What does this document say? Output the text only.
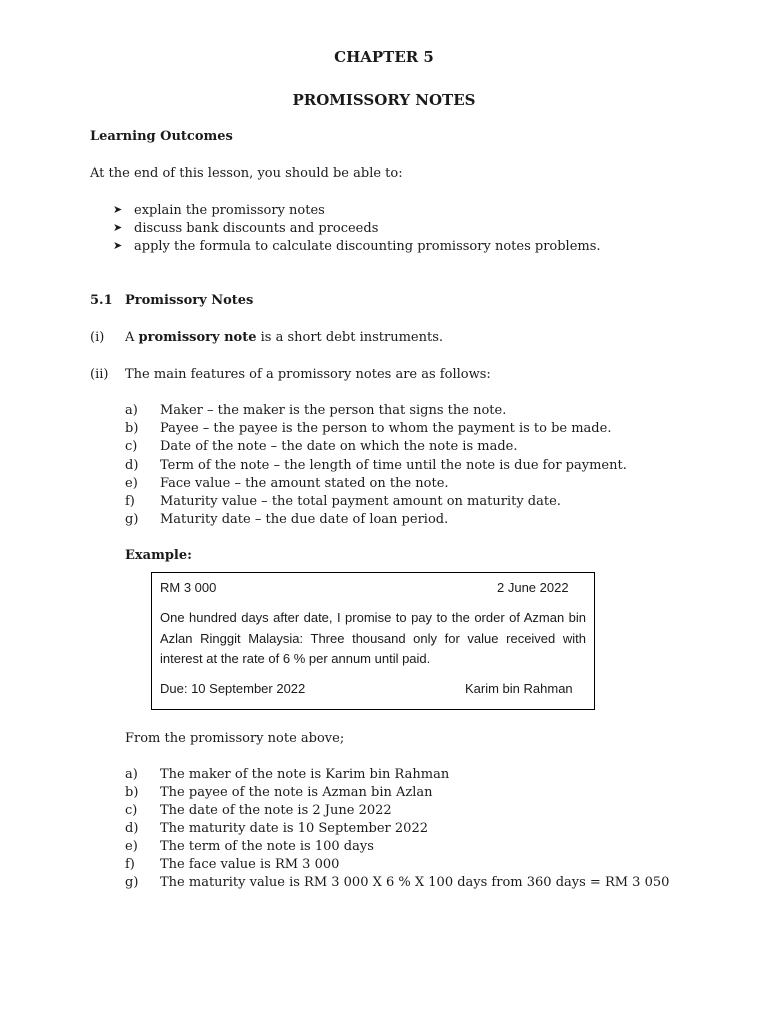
CHAPTER 5
PROMISSORY NOTES
Learning Outcomes
At the end of this lesson, you should be able to:
➤ explain the promissory notes
➤ discuss bank discounts and proceeds
➤ apply the formula to calculate discounting promissory notes problems.
5.1 Promissory Notes
(i) A promissory note is a short debt instruments.
(ii) The main features of a promissory notes are as follows:
a) Maker – the maker is the person that signs the note.
b) Payee – the payee is the person to whom the payment is to be made.
c) Date of the note – the date on which the note is made.
d) Term of the note – the length of time until the note is due for payment.
e) Face value – the amount stated on the note.
f) Maturity value – the total payment amount on maturity date.
g) Maturity date – the due date of loan period.
Example:
RM 3 000	2 June 2022
One hundred days after date, I promise to pay to the order of Azman bin Azlan Ringgit Malaysia: Three thousand only for value received with interest at the rate of 6 % per annum until paid.
Due: 10 September 2022	Karim bin Rahman
From the promissory note above;
a) The maker of the note is Karim bin Rahman
b) The payee of the note is Azman bin Azlan
c) The date of the note is 2 June 2022
d) The maturity date is 10 September 2022
e) The term of the note is 100 days
f) The face value is RM 3 000
g) The maturity value is RM 3 000 X 6 % X 100 days from 360 days = RM 3 050
